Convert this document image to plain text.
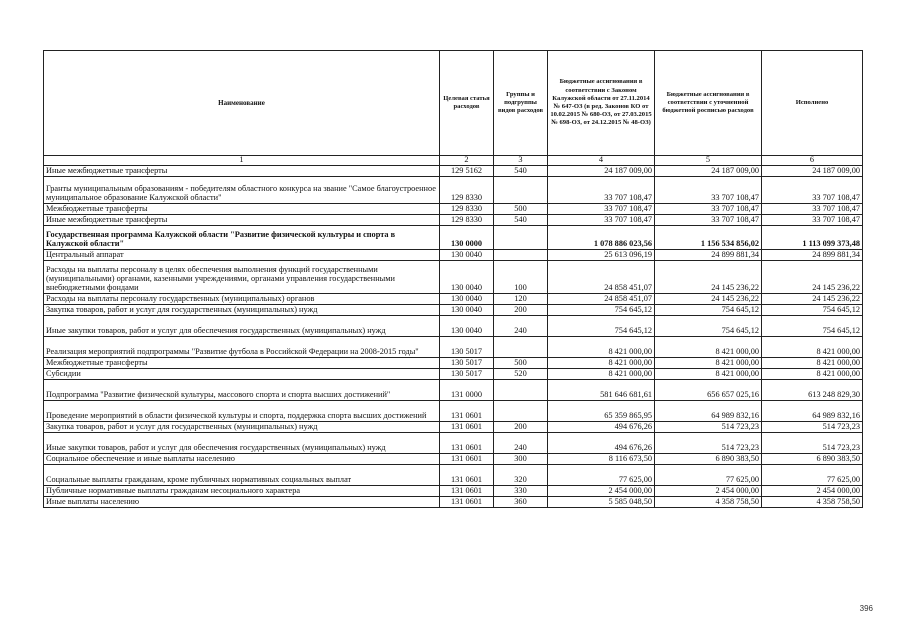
Наименование	Целевая статья расходов	Группы и подгруппы видов расходов	Бюджетные ассигнования в соответствии с Законом Калужской области от 27.11.2014 № 647-ОЗ (в ред. Законов КО от 10.02.2015 № 680-ОЗ, от 27.03.2015 № 698-ОЗ, от 24.12.2015 № 48-ОЗ)	Бюджетные ассигнования в соответствии с уточненной бюджетной росписью расходов	Исполнено
1	2	3	4	5	6
Иные межбюджетные трансферты	129 5162	540	24 187 009,00	24 187 009,00	24 187 009,00
Гранты муниципальным образованиям - победителям областного конкурса на звание "Самое благоустроенное муниципальное образование Калужской области"	129 8330		33 707 108,47	33 707 108,47	33 707 108,47
Межбюджетные трансферты	129 8330	500	33 707 108,47	33 707 108,47	33 707 108,47
Иные межбюджетные трансферты	129 8330	540	33 707 108,47	33 707 108,47	33 707 108,47
Государственная программа Калужской области "Развитие физической культуры и спорта в Калужской области"	130 0000		1 078 886 023,56	1 156 534 856,02	1 113 099 373,48
Центральный аппарат	130 0040		25 613 096,19	24 899 881,34	24 899 881,34
Расходы на выплаты персоналу в целях обеспечения выполнения функций государственными (муниципальными) органами, казенными учреждениями, органами управления государственными внебюджетными фондами	130 0040	100	24 858 451,07	24 145 236,22	24 145 236,22
Расходы на выплаты персоналу государственных (муниципальных) органов	130 0040	120	24 858 451,07	24 145 236,22	24 145 236,22
Закупка товаров, работ и услуг для государственных (муниципальных) нужд	130 0040	200	754 645,12	754 645,12	754 645,12
Иные закупки товаров, работ и услуг для обеспечения государственных (муниципальных) нужд	130 0040	240	754 645,12	754 645,12	754 645,12
Реализация мероприятий подпрограммы "Развитие футбола в Российской Федерации на 2008-2015 годы"	130 5017		8 421 000,00	8 421 000,00	8 421 000,00
Межбюджетные трансферты	130 5017	500	8 421 000,00	8 421 000,00	8 421 000,00
Субсидии	130 5017	520	8 421 000,00	8 421 000,00	8 421 000,00
Подпрограмма "Развитие физической культуры, массового спорта и спорта высших достижений"	131 0000		581 646 681,61	656 657 025,16	613 248 829,30
Проведение мероприятий в области физической культуры и спорта, поддержка спорта высших достижений	131 0601		65 359 865,95	64 989 832,16	64 989 832,16
Закупка товаров, работ и услуг для государственных (муниципальных) нужд	131 0601	200	494 676,26	514 723,23	514 723,23
Иные закупки товаров, работ и услуг для обеспечения государственных (муниципальных) нужд	131 0601	240	494 676,26	514 723,23	514 723,23
Социальное обеспечение и иные выплаты населению	131 0601	300	8 116 673,50	6 890 383,50	6 890 383,50
Социальные выплаты гражданам, кроме публичных нормативных социальных выплат	131 0601	320	77 625,00	77 625,00	77 625,00
Публичные нормативные выплаты гражданам несоциального характера	131 0601	330	2 454 000,00	2 454 000,00	2 454 000,00
Иные выплаты населению	131 0601	360	5 585 048,50	4 358 758,50	4 358 758,50
396
